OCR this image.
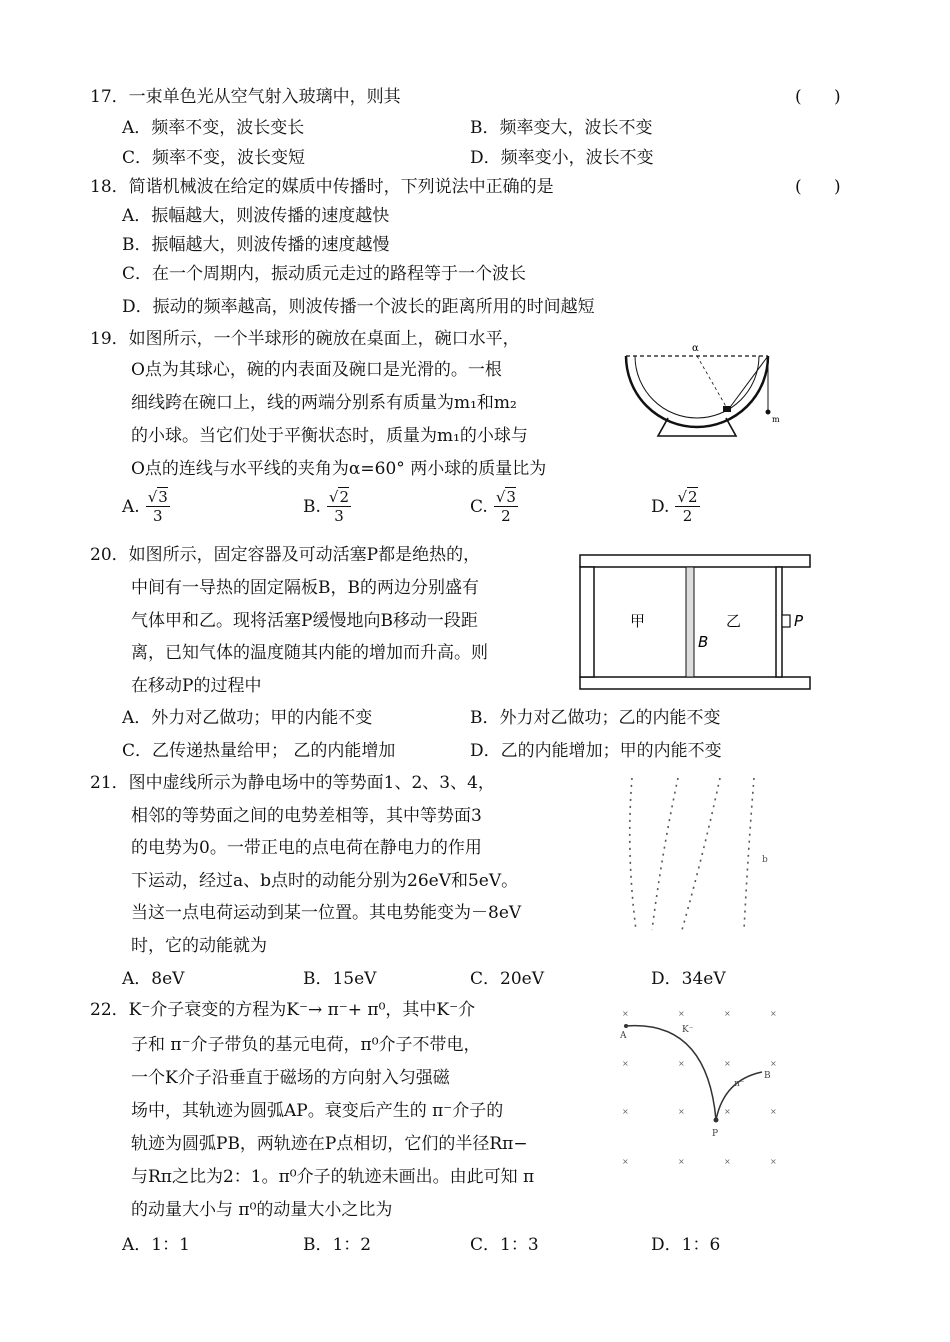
17．一束单色光从空气射入玻璃中，则其	(      )
A．频率不变，波长变长	B．频率变大，波长不变
C．频率不变，波长变短	D．频率变小，波长不变
18．简谐机械波在给定的媒质中传播时，下列说法中正确的是	(      )
A．振幅越大，则波传播的速度越快
B．振幅越大，则波传播的速度越慢
C．在一个周期内，振动质元走过的路程等于一个波长
D．振动的频率越高，则波传播一个波长的距离所用的时间越短
19．如图所示，一个半球形的碗放在桌面上，碗口水平，
O点为其球心，碗的内表面及碗口是光滑的。一根
细线跨在碗口上，线的两端分别系有质量为m₁和m₂
的小球。当它们处于平衡状态时，质量为m₁的小球与
O点的连线与水平线的夹角为α=60° 两小球的质量比为
A. √3
3	B. √2
3	C. √3
2	D. √2
2
α
m
20．如图所示，固定容器及可动活塞P都是绝热的，
中间有一导热的固定隔板B，B的两边分别盛有
气体甲和乙。现将活塞P缓慢地向B移动一段距
离，已知气体的温度随其内能的增加而升高。则
在移动P的过程中
A．外力对乙做功；甲的内能不变	B．外力对乙做功；乙的内能不变
C．乙传递热量给甲； 乙的内能增加	D．乙的内能增加；甲的内能不变
甲
B
乙	P
21．图中虚线所示为静电场中的等势面1、2、3、4，
相邻的等势面之间的电势差相等，其中等势面3
的电势为0。一带正电的点电荷在静电力的作用
下运动，经过a、b点时的动能分别为26eV和5eV。
当这一点电荷运动到某一位置。其电势能变为－8eV
时，它的动能就为
A．8eV	B．15eV	C．20eV	D．34eV
b
22．K⁻介子衰变的方程为K⁻→ π⁻+ π⁰，其中K⁻介
子和 π⁻介子带负的基元电荷，π⁰介子不带电，
一个K介子沿垂直于磁场的方向射入匀强磁
场中，其轨迹为圆弧AP。衰变后产生的 π⁻介子的
轨迹为圆弧PB，两轨迹在P点相切，它们的半径Rπ−
与Rπ之比为2：1。π⁰介子的轨迹未画出。由此可知 π
的动量大小与 π⁰的动量大小之比为
A．1：1	B．1：2	C．1：3	D．1：6
×	×	×	×
×	×	×	×
×	×	×	×
×	×	×	×
A
K⁻
π⁻
B
P
